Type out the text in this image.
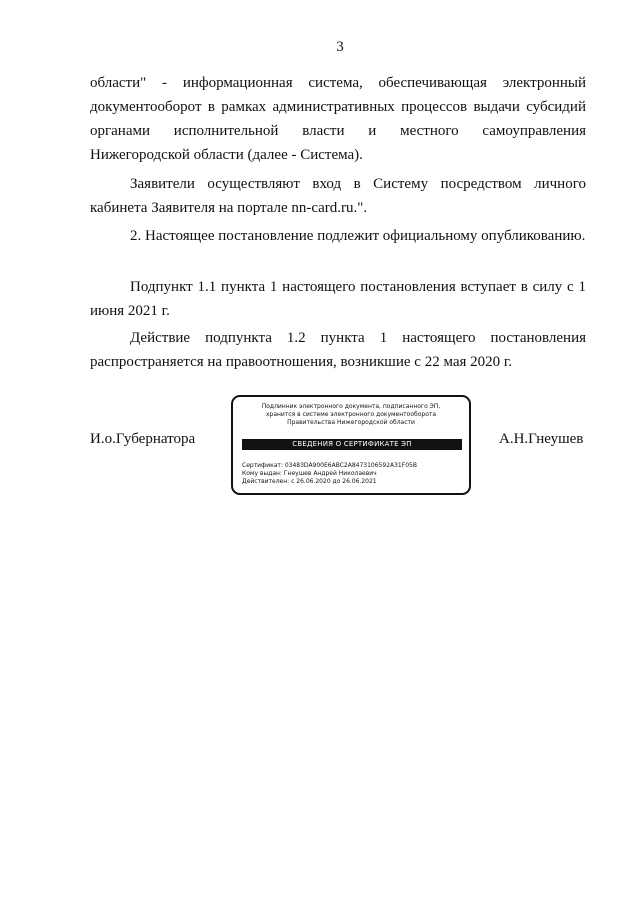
3

области" - информационная система, обеспечивающая электронный документооборот в рамках административных процессов выдачи субсидий органами исполнительной власти и местного самоуправления Нижегородской области (далее - Система).

Заявители осуществляют вход в Систему посредством личного кабинета Заявителя на портале nn-card.ru.".

2. Настоящее постановление подлежит официальному опубликованию.

Подпункт 1.1 пункта 1 настоящего постановления вступает в силу с 1 июня 2021 г.

Действие подпункта 1.2 пункта 1 настоящего постановления распространяется на правоотношения, возникшие с 22 мая 2020 г.

И.о.Губернатора	А.Н.Гнеушев
Подлинник электронного документа, подписанного ЭП, хранится в системе электронного документооборота Правительства Нижегородской области
СВЕДЕНИЯ О СЕРТИФИКАТЕ ЭП
Сертификат: 03483DA900E6ABC2A8473106592A31F05B
Кому выдан: Гнеушев Андрей Николаевич
Действителен: с 26.06.2020 до 26.06.2021
